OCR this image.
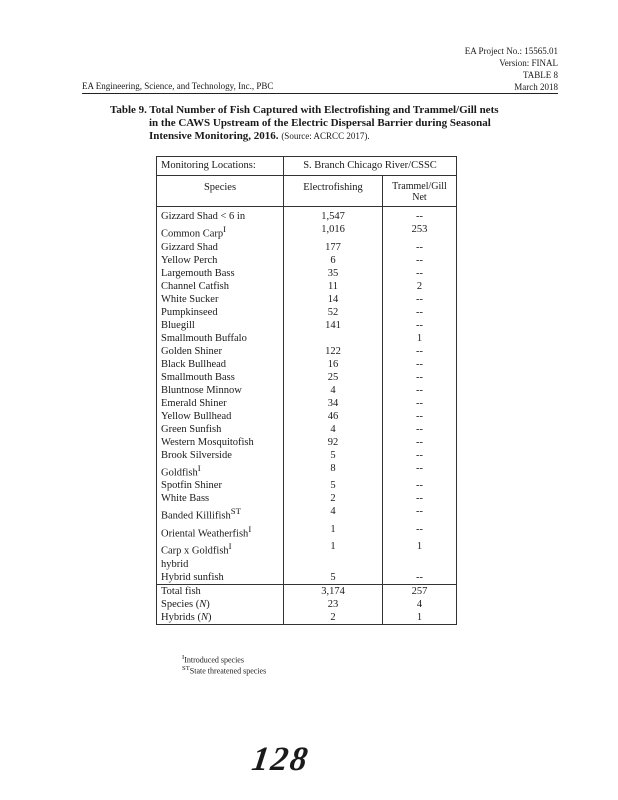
EA Project No.: 15565.01
Version: FINAL
TABLE 8
March 2018
EA Engineering, Science, and Technology, Inc., PBC
Table 9. Total Number of Fish Captured with Electrofishing and Trammel/Gill nets
in the CAWS Upstream of the Electric Dispersal Barrier during Seasonal
Intensive Monitoring, 2016. (Source: ACRCC 2017).
Monitoring Locations:	S. Branch Chicago River/CSSC	
Species	Electrofishing	Trammel/Gill Net
Gizzard Shad < 6 in	1,547	--
Common Carp$^I$	1,016	253
Gizzard Shad	177	--
Yellow Perch	6	--
Largemouth Bass	35	--
Channel Catfish	11	2
White Sucker	14	--
Pumpkinseed	52	--
Bluegill	141	--
Smallmouth Buffalo		1
Golden Shiner	122	--
Black Bullhead	16	--
Smallmouth Bass	25	--
Bluntnose Minnow	4	--
Emerald Shiner	34	--
Yellow Bullhead	46	--
Green Sunfish	4	--
Western Mosquitofish	92	--
Brook Silverside	5	--
Goldfish$^I$	8	--
Spotfin Shiner	5	--
White Bass	2	--
Banded Killifish$^{ST}$	4	--
Oriental Weatherfish$^I$	1	--
Carp x Goldfish$^I$
hybrid	1	1
Hybrid sunfish	5	--
Total fish	3,174	257
Species (N)	23	4
Hybrids (N)	2	1
$^I$Introduced species
$^{ST}$State threatened species
128
